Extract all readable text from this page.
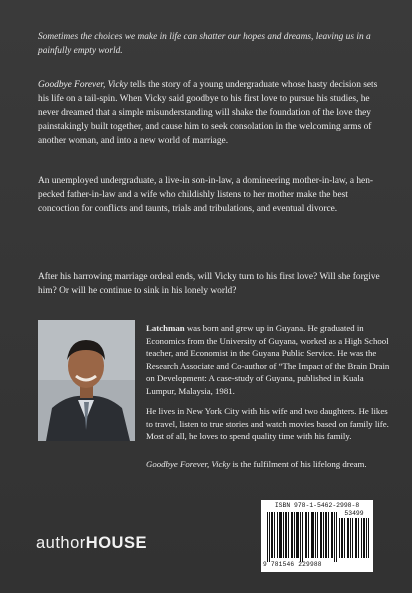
Sometimes the choices we make in life can shatter our hopes and dreams, leaving us in a painfully empty world.

Goodbye Forever, Vicky tells the story of a young undergraduate whose hasty decision sets his life on a tail-spin. When Vicky said goodbye to his first love to pursue his studies, he never dreamed that a simple misunderstanding will shake the foundation of the love they painstakingly built together, and cause him to seek consolation in the welcoming arms of another woman, and into a new world of marriage.

An unemployed undergraduate, a live-in son-in-law, a domineering mother-in-law, a hen-pecked father-in-law and a wife who childishly listens to her mother make the best concoction for conflicts and taunts, trials and tribulations, and eventual divorce.

After his harrowing marriage ordeal ends, will Vicky turn to his first love? Will she forgive him? Or will he continue to sink in his lonely world?

Latchman was born and grew up in Guyana. He graduated in Economics from the University of Guyana, worked as a High School teacher, and Economist in the Guyana Public Service. He was the Research Associate and Co-author of “The Impact of the Brain Drain on Development: A case-study of Guyana, published in Kuala Lumpur, Malaysia, 1981.

He lives in New York City with his wife and two daughters. He likes to travel, listen to true stories and watch movies based on family life. Most of all, he loves to spend quality time with his family.

Goodbye Forever, Vicky is the fulfilment of his lifelong dream.

authorHOUSE
ISBN 978-1-5462-2998-8
53499
9 781546 229988
